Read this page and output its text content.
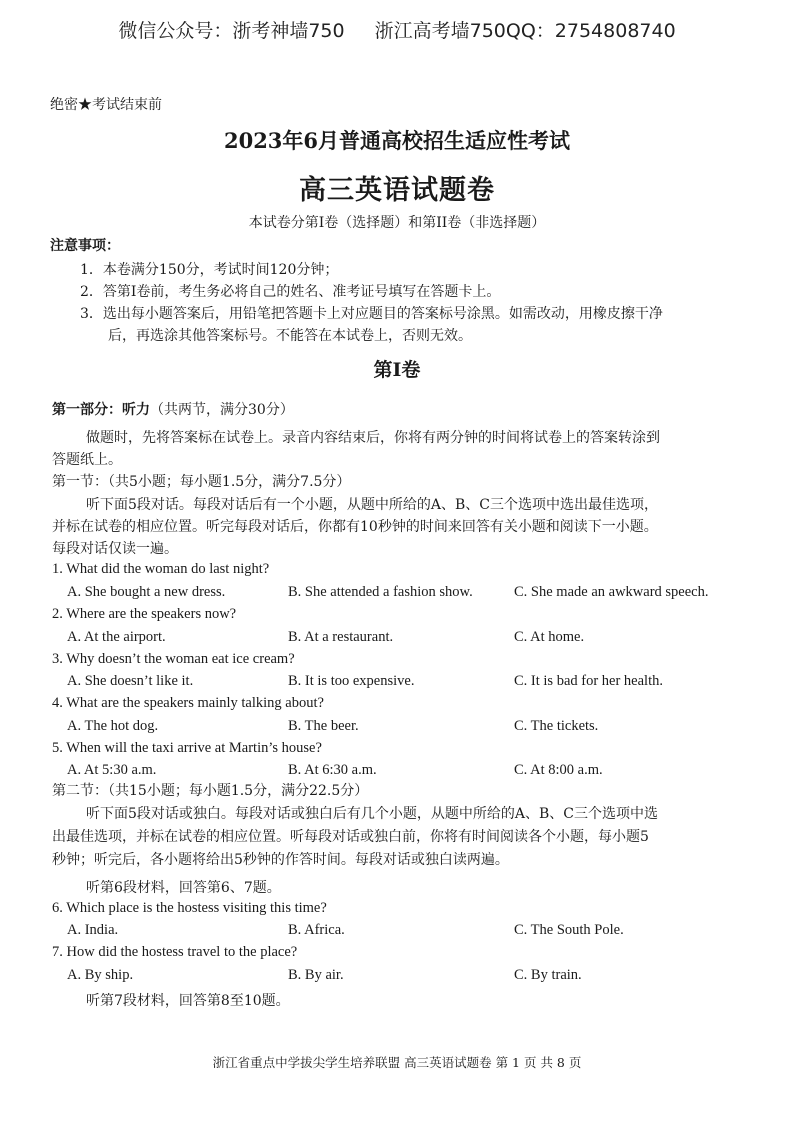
微信公众号：浙考神墙750 浙江高考墙750QQ：2754808740
绝密★考试结束前
2023年6月普通高校招生适应性考试
高三英语试题卷
本试卷分第I卷（选择题）和第II卷（非选择题）
注意事项：
1．本卷满分150分，考试时间120分钟；
2．答第I卷前，考生务必将自己的姓名、准考证号填写在答题卡上。
3．选出每小题答案后，用铅笔把答题卡上对应题目的答案标号涂黑。如需改动，用橡皮擦干净
后，再选涂其他答案标号。不能答在本试卷上，否则无效。
第I卷
第一部分：听力（共两节，满分30分）
做题时，先将答案标在试卷上。录音内容结束后，你将有两分钟的时间将试卷上的答案转涂到
答题纸上。
第一节：（共5小题；每小题1.5分，满分7.5分）
听下面5段对话。每段对话后有一个小题，从题中所给的A、B、C三个选项中选出最佳选项，
并标在试卷的相应位置。听完每段对话后，你都有10秒钟的时间来回答有关小题和阅读下一小题。
每段对话仅读一遍。
1. What did the woman do last night?
A. She bought a new dress.	B. She attended a fashion show.	C. She made an awkward speech.
2. Where are the speakers now?
A. At the airport.	B. At a restaurant.	C. At home.
3. Why doesn’t the woman eat ice cream?
A. She doesn’t like it.	B. It is too expensive.	C. It is bad for her health.
4. What are the speakers mainly talking about?
A. The hot dog.	B. The beer.	C. The tickets.
5. When will the taxi arrive at Martin’s house?
A. At 5:30 a.m.	B. At 6:30 a.m.	C. At 8:00 a.m.
第二节：（共15小题；每小题1.5分，满分22.5分）
听下面5段对话或独白。每段对话或独白后有几个小题，从题中所给的A、B、C三个选项中选
出最佳选项，并标在试卷的相应位置。听每段对话或独白前，你将有时间阅读各个小题，每小题5
秒钟；听完后，各小题将给出5秒钟的作答时间。每段对话或独白读两遍。
听第6段材料，回答第6、7题。
6. Which place is the hostess visiting this time?
A. India.	B. Africa.	C. The South Pole.
7. How did the hostess travel to the place?
A. By ship.	B. By air.	C. By train.
听第7段材料，回答第8至10题。
浙江省重点中学拔尖学生培养联盟 高三英语试题卷 第 1 页 共 8 页
